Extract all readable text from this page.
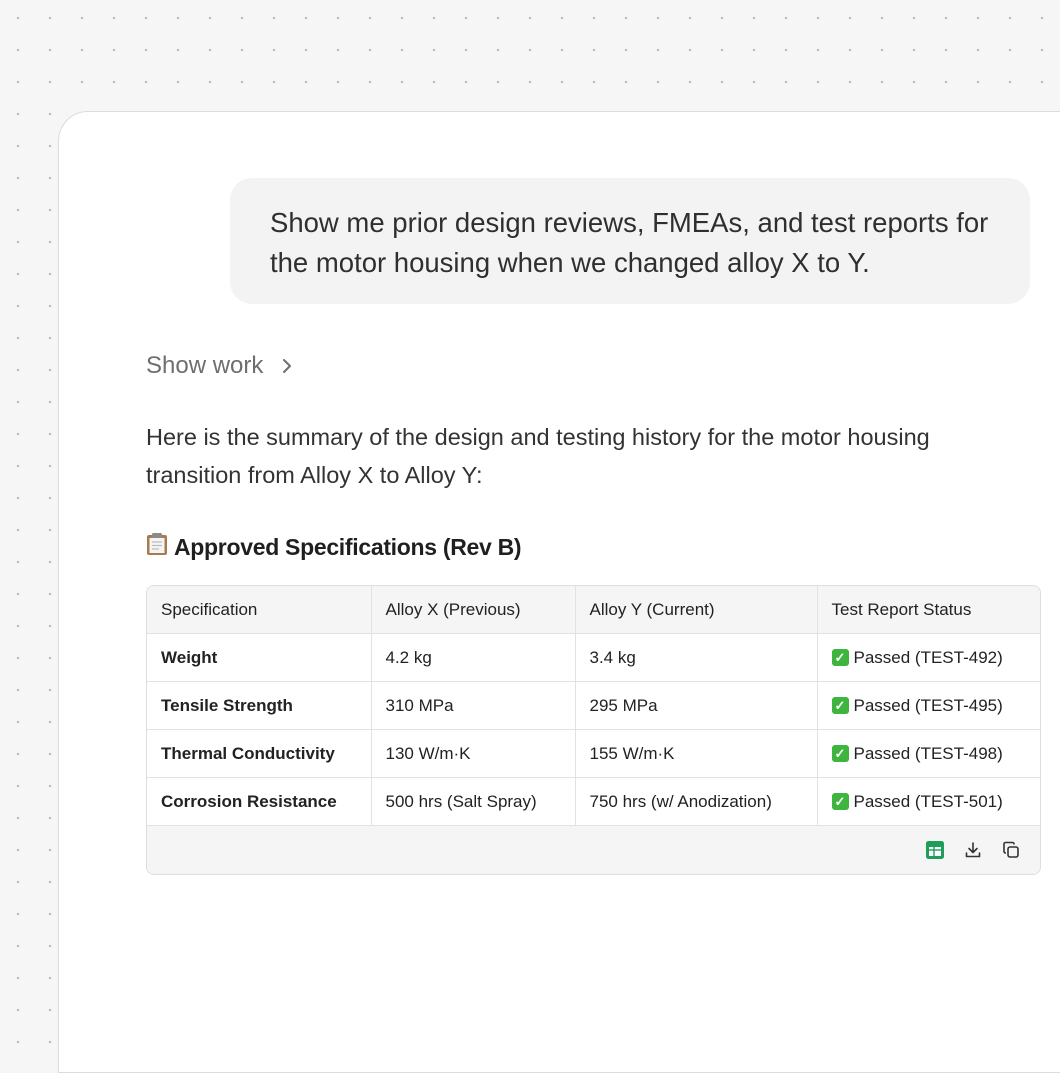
Show me prior design reviews, FMEAs, and test reports for the motor housing when we changed alloy X to Y.
Show work
Here is the summary of the design and testing history for the motor housing transition from Alloy X to Alloy Y:
Approved Specifications (Rev B)
Specification	Alloy X (Previous)	Alloy Y (Current)	Test Report Status
Weight	4.2 kg	3.4 kg	✓ Passed (TEST-492)

Tensile Strength	310 MPa	295 MPa	✓ Passed (TEST-495)

Thermal Conductivity	130 W/m·K	155 W/m·K	✓ Passed (TEST-498)

Corrosion Resistance	500 hrs (Salt Spray)	750 hrs (w/ Anodization)	✓ Passed (TEST-501)
